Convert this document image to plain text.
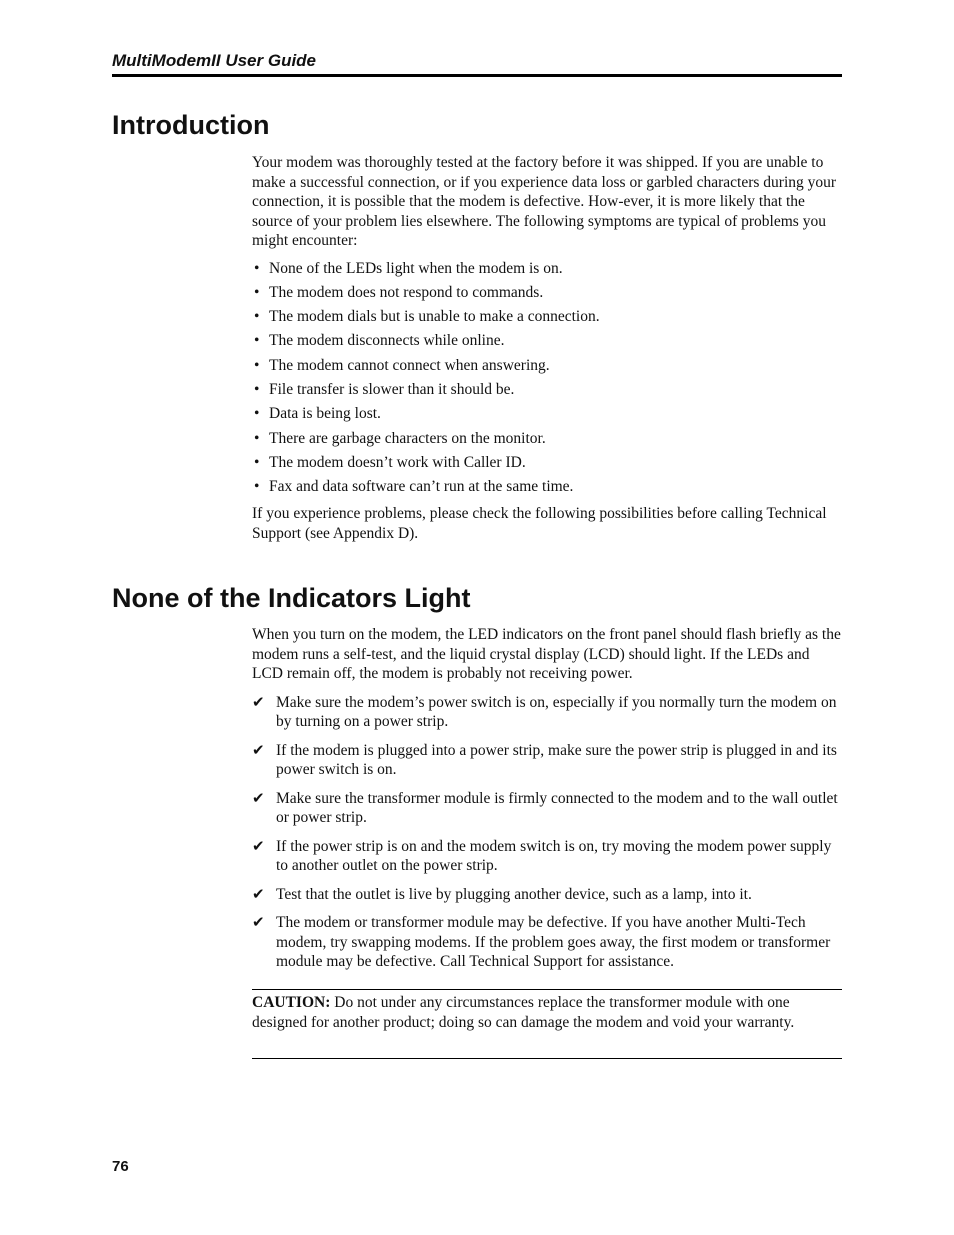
MultiModemII User Guide
Introduction

Your modem was thoroughly tested at the factory before it was shipped. If you are unable to make a successful connection, or if you experience data loss or garbled characters during your connection, it is possible that the modem is defective. How-ever, it is more likely that the source of your problem lies elsewhere. The following symptoms are typical of problems you might encounter:

• None of the LEDs light when the modem is on.
• The modem does not respond to commands.
• The modem dials but is unable to make a connection.
• The modem disconnects while online.
• The modem cannot connect when answering.
• File transfer is slower than it should be.
• Data is being lost.
• There are garbage characters on the monitor.
• The modem doesn’t work with Caller ID.
• Fax and data software can’t run at the same time.

If you experience problems, please check the following possibilities before calling Technical Support (see Appendix D).

None of the Indicators Light

When you turn on the modem, the LED indicators on the front panel should flash briefly as the modem runs a self-test, and the liquid crystal display (LCD) should light. If the LEDs and LCD remain off, the modem is probably not receiving power.

✔ Make sure the modem’s power switch is on, especially if you normally turn the modem on by turning on a power strip.
✔ If the modem is plugged into a power strip, make sure the power strip is plugged in and its power switch is on.
✔ Make sure the transformer module is firmly connected to the modem and to the wall outlet or power strip.
✔ If the power strip is on and the modem switch is on, try moving the modem power supply to another outlet on the power strip.
✔ Test that the outlet is live by plugging another device, such as a lamp, into it.
✔ The modem or transformer module may be defective. If you have another Multi-Tech modem, try swapping modems. If the problem goes away, the first modem or transformer module may be defective. Call Technical Support for assistance.
CAUTION: Do not under any circumstances replace the transformer module with one designed for another product; doing so can damage the modem and void your warranty.
76
